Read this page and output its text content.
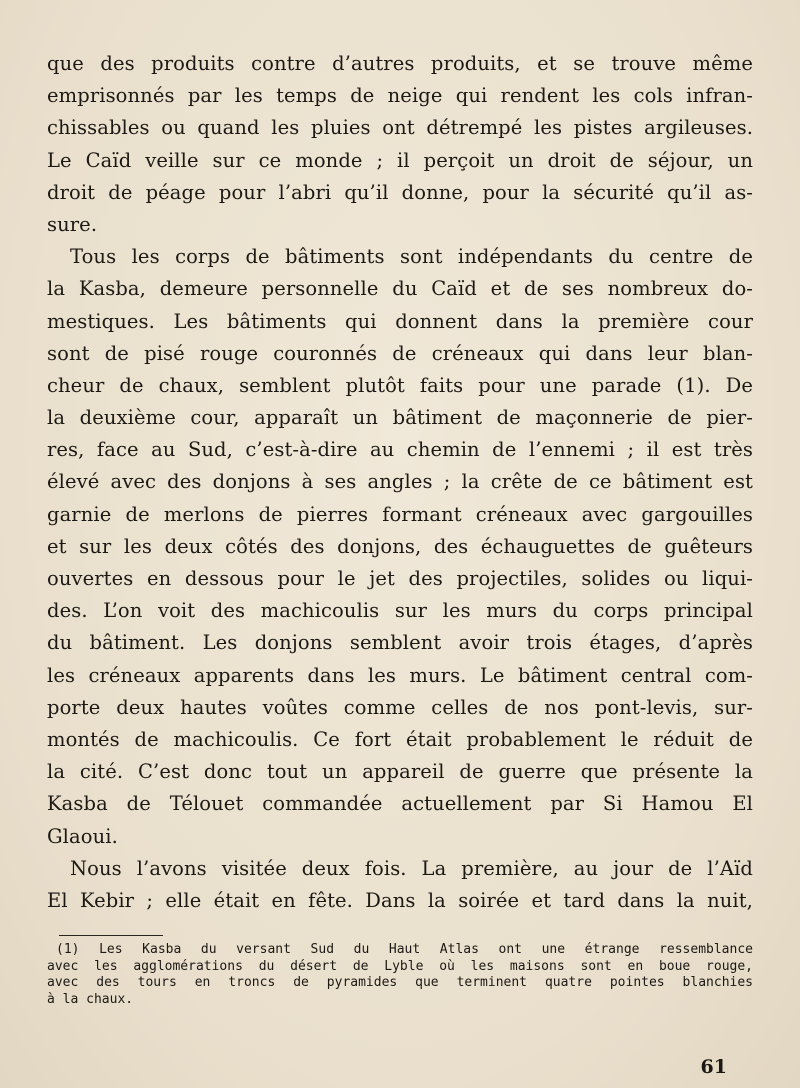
que des produits contre d’autres produits, et se trouve même
emprisonnés par les temps de neige qui rendent les cols infran-
chissables ou quand les pluies ont détrempé les pistes argileuses.
Le Caïd veille sur ce monde ; il perçoit un droit de séjour, un
droit de péage pour l’abri qu’il donne, pour la sécurité qu’il as-
sure.
Tous les corps de bâtiments sont indépendants du centre de
la Kasba, demeure personnelle du Caïd et de ses nombreux do-
mestiques. Les bâtiments qui donnent dans la première cour
sont de pisé rouge couronnés de créneaux qui dans leur blan-
cheur de chaux, semblent plutôt faits pour une parade (1). De
la deuxième cour, apparaît un bâtiment de maçonnerie de pier-
res, face au Sud, c’est-à-dire au chemin de l’ennemi ; il est très
élevé avec des donjons à ses angles ; la crête de ce bâtiment est
garnie de merlons de pierres formant créneaux avec gargouilles
et sur les deux côtés des donjons, des échauguettes de guêteurs
ouvertes en dessous pour le jet des projectiles, solides ou liqui-
des. L’on voit des machicoulis sur les murs du corps principal
du bâtiment. Les donjons semblent avoir trois étages, d’après
les créneaux apparents dans les murs. Le bâtiment central com-
porte deux hautes voûtes comme celles de nos pont-levis, sur-
montés de machicoulis. Ce fort était probablement le réduit de
la cité. C’est donc tout un appareil de guerre que présente la
Kasba de Télouet commandée actuellement par Si Hamou El
Glaoui.
Nous l’avons visitée deux fois. La première, au jour de l’Aïd
El Kebir ; elle était en fête. Dans la soirée et tard dans la nuit,
(1) Les Kasba du versant Sud du Haut Atlas ont une étrange ressemblance
avec les agglomérations du désert de Lyble où les maisons sont en boue rouge,
avec des tours en troncs de pyramides que terminent quatre pointes blanchies
à la chaux.
61
